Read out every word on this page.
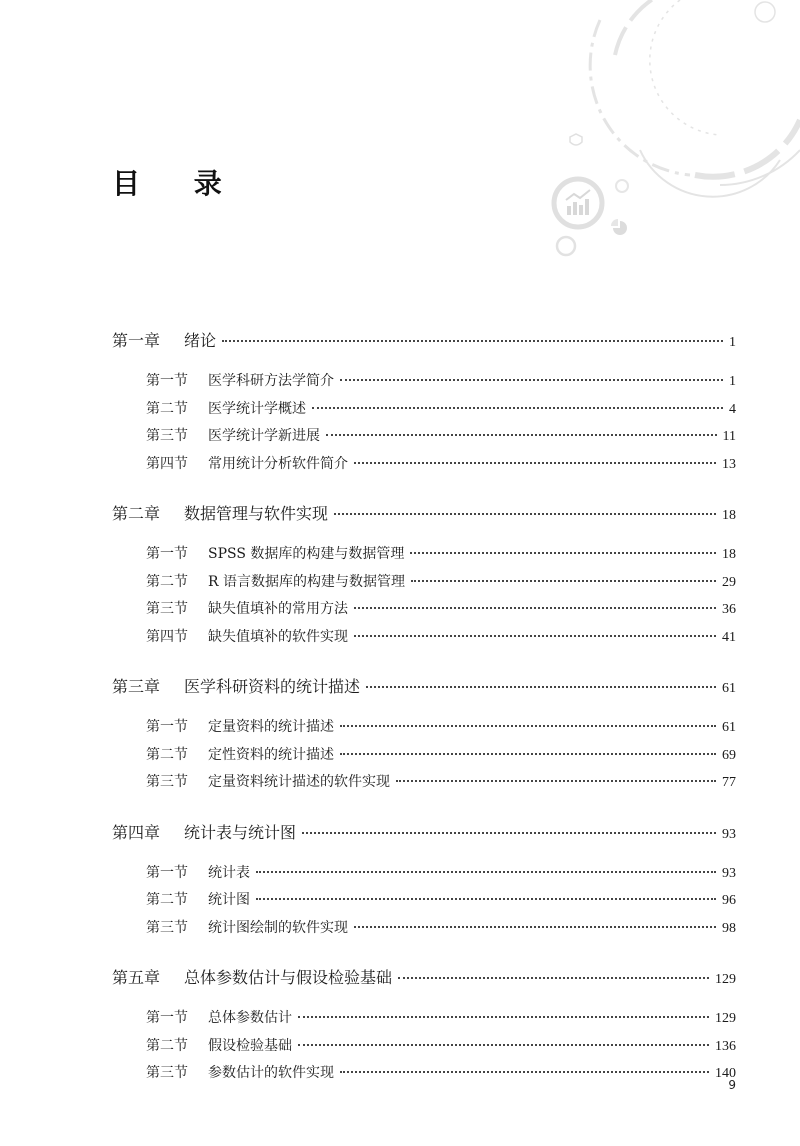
目 录
第一章	绪论	1
第一节	医学科研方法学简介	1
第二节	医学统计学概述	4
第三节	医学统计学新进展	11
第四节	常用统计分析软件简介	13
第二章	数据管理与软件实现	18
第一节	SPSS 数据库的构建与数据管理	18
第二节	R 语言数据库的构建与数据管理	29
第三节	缺失值填补的常用方法	36
第四节	缺失值填补的软件实现	41
第三章	医学科研资料的统计描述	61
第一节	定量资料的统计描述	61
第二节	定性资料的统计描述	69
第三节	定量资料统计描述的软件实现	77
第四章	统计表与统计图	93
第一节	统计表	93
第二节	统计图	96
第三节	统计图绘制的软件实现	98
第五章	总体参数估计与假设检验基础	129
第一节	总体参数估计	129
第二节	假设检验基础	136
第三节	参数估计的软件实现	140
9
